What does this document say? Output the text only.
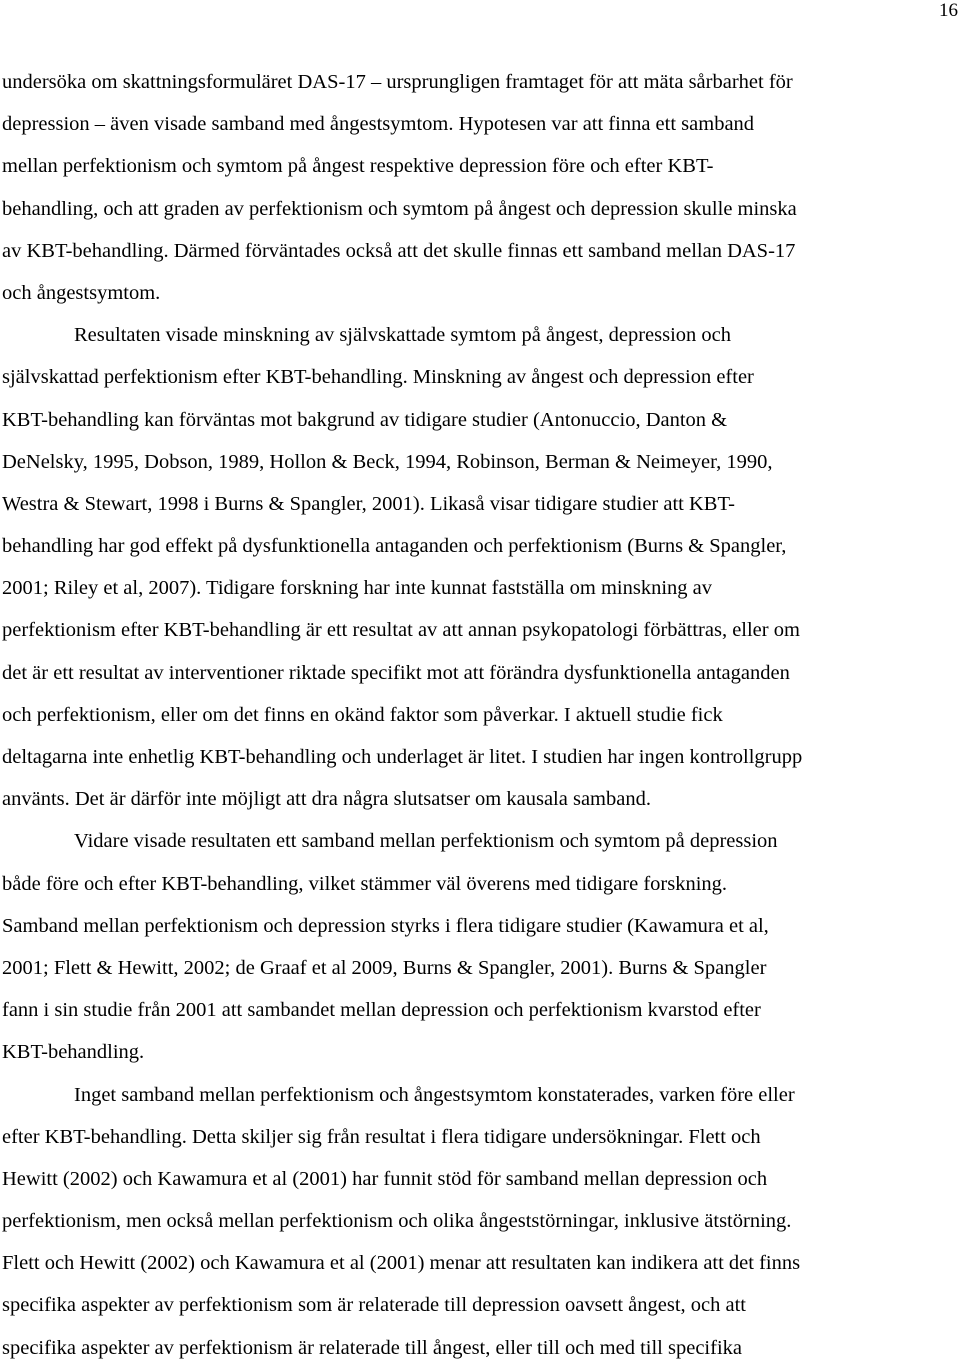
16
undersöka om skattningsformuläret DAS-17 – ursprungligen framtaget för att mäta sårbarhet för
depression – även visade samband med ångestsymtom. Hypotesen var att finna ett samband
mellan perfektionism och symtom på ångest respektive depression före och efter KBT-
behandling, och att graden av perfektionism och symtom på ångest och depression skulle minska
av KBT-behandling. Därmed förväntades också att det skulle finnas ett samband mellan DAS-17
och ångestsymtom.
Resultaten visade minskning av självskattade symtom på ångest, depression och
självskattad perfektionism efter KBT-behandling. Minskning av ångest och depression efter
KBT-behandling kan förväntas mot bakgrund av tidigare studier (Antonuccio, Danton &
DeNelsky, 1995, Dobson, 1989, Hollon & Beck, 1994, Robinson, Berman & Neimeyer, 1990,
Westra & Stewart, 1998 i Burns & Spangler, 2001). Likaså visar tidigare studier att KBT-
behandling har god effekt på dysfunktionella antaganden och perfektionism (Burns & Spangler,
2001; Riley et al, 2007). Tidigare forskning har inte kunnat fastställa om minskning av
perfektionism efter KBT-behandling är ett resultat av att annan psykopatologi förbättras, eller om
det är ett resultat av interventioner riktade specifikt mot att förändra dysfunktionella antaganden
och perfektionism, eller om det finns en okänd faktor som påverkar. I aktuell studie fick
deltagarna inte enhetlig KBT-behandling och underlaget är litet. I studien har ingen kontrollgrupp
använts. Det är därför inte möjligt att dra några slutsatser om kausala samband.
Vidare visade resultaten ett samband mellan perfektionism och symtom på depression
både före och efter KBT-behandling, vilket stämmer väl överens med tidigare forskning.
Samband mellan perfektionism och depression styrks i flera tidigare studier (Kawamura et al,
2001; Flett & Hewitt, 2002; de Graaf et al 2009, Burns & Spangler, 2001). Burns & Spangler
fann i sin studie från 2001 att sambandet mellan depression och perfektionism kvarstod efter
KBT-behandling.
Inget samband mellan perfektionism och ångestsymtom konstaterades, varken före eller
efter KBT-behandling. Detta skiljer sig från resultat i flera tidigare undersökningar. Flett och
Hewitt (2002) och Kawamura et al (2001) har funnit stöd för samband mellan depression och
perfektionism, men också mellan perfektionism och olika ångeststörningar, inklusive ätstörning.
Flett och Hewitt (2002) och Kawamura et al (2001) menar att resultaten kan indikera att det finns
specifika aspekter av perfektionism som är relaterade till depression oavsett ångest, och att
specifika aspekter av perfektionism är relaterade till ångest, eller till och med till specifika
